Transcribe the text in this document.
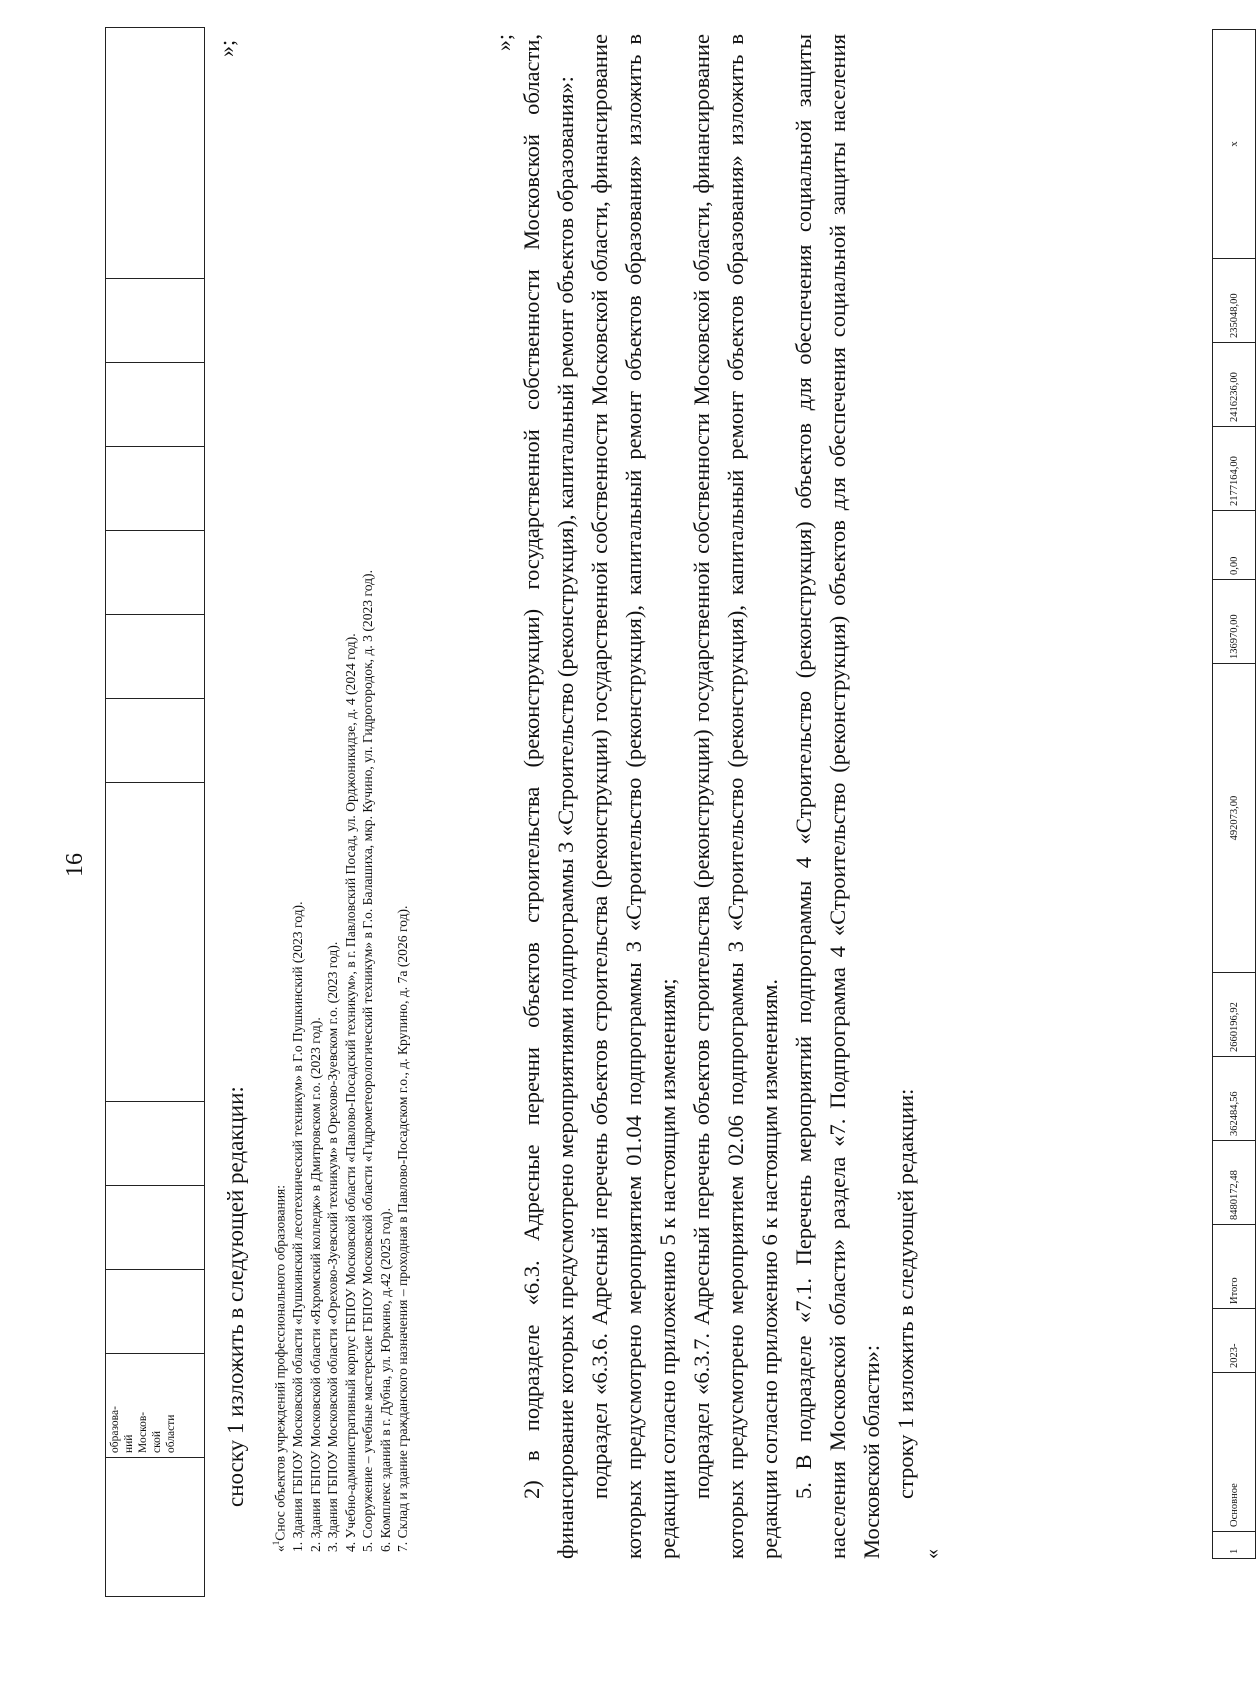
16

образова- ний Москов- ской области

»;
сноску 1 изложить в следующей редакции:
«$^1$Снос объектов учреждений профессионального образования: 1. Здания ГБПОУ Московской области «Пушкинский лесотехнический техникум» в Г.о Пушкинский (2023 год). 2. Здания ГБПОУ Московской области «Яхромский колледж» в Дмитровском г.о. (2023 год). 3. Здания ГБПОУ Московской области «Орехово-Зуевский техникум» в Орехово-Зуевском г.о. (2023 год). 4. Учебно-административный корпус ГБПОУ Московской области «Павлово-Посадский техникум», в г. Павловский Посад, ул. Орджоникидзе, д. 4 (2024 год). 5. Сооружение – учебные мастерские ГБПОУ Московской области «Гидрометеорологический техникум» в Г.о. Балашиха, мкр. Кучино, ул. Гидрогородок, д. 3 (2023 год). 6. Комплекс зданий в г. Дубна, ул. Юркино, д.42 (2025 год). 7. Склад и здание гражданского назначения – проходная в Павлово-Посадском г.о., д. Крупино, д. 7а (2026 год).
»; 2) в подразделе «6.3. Адресные перечни объектов строительства (реконструкции) государственной собственности Московской области, финансирование которых предусмотрено мероприятиями подпрограммы 3 «Строительство (реконструкция), капитальный ремонт объектов образования»: подраздел «6.3.6. Адресный перечень объектов строительства (реконструкции) государственной собственности Московской области, финансирование которых предусмотрено мероприятием 01.04 подпрограммы 3 «Строительство (реконструкция), капитальный ремонт объектов образования» изложить в редакции согласно приложению 5 к настоящим изменениям; подраздел «6.3.7. Адресный перечень объектов строительства (реконструкции) государственной собственности Московской области, финансирование которых предусмотрено мероприятием 02.06 подпрограммы 3 «Строительство (реконструкция), капитальный ремонт объектов образования» изложить в редакции согласно приложению 6 к настоящим изменениям. 5. В подразделе «7.1. Перечень мероприятий подпрограммы 4 «Строительство (реконструкция) объектов для обеспечения социальной защиты населения Московской области» раздела «7. Подпрограмма 4 «Строительство (реконструкция) объектов для обеспечения социальной защиты населения Московской области»: строку 1 изложить в следующей редакции:

«	1	Основное	2023-	Итого	8480172,48	362484,56	2660196,92	492073,00	136970,00	0,00	2177164,00	2416236,00	235048,00	х
